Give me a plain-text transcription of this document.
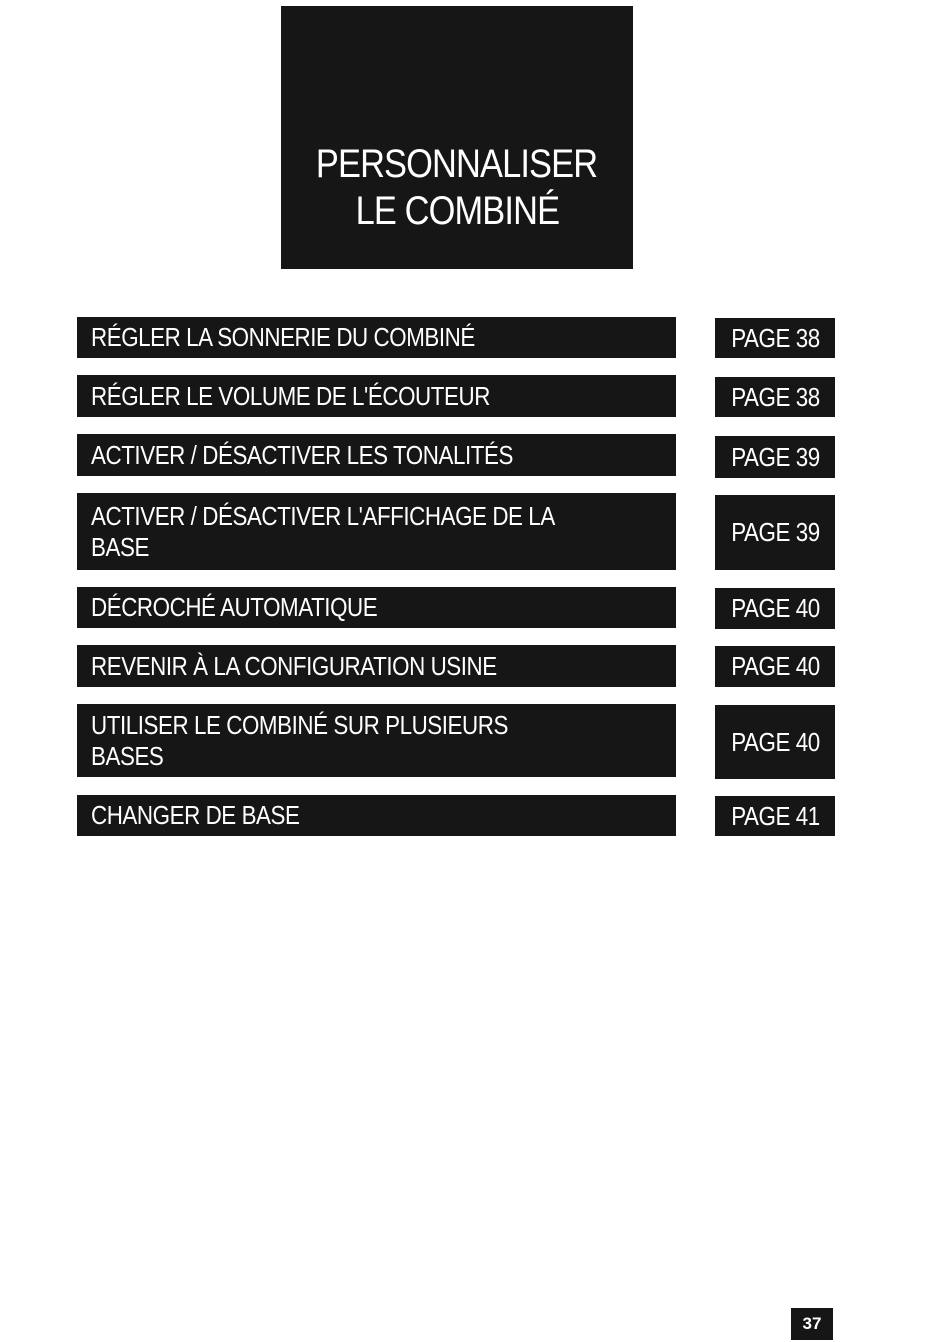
PERSONNALISER
LE COMBINÉ
RÉGLER LA SONNERIE DU COMBINÉ	PAGE 38
RÉGLER LE VOLUME DE L'ÉCOUTEUR	PAGE 38
ACTIVER / DÉSACTIVER LES TONALITÉS	PAGE 39
ACTIVER / DÉSACTIVER L'AFFICHAGE DE LA BASE	PAGE 39
DÉCROCHÉ AUTOMATIQUE	PAGE 40
REVENIR À LA CONFIGURATION USINE	PAGE 40
UTILISER LE COMBINÉ SUR PLUSIEURS BASES	PAGE 40
CHANGER DE BASE	PAGE 41
37
